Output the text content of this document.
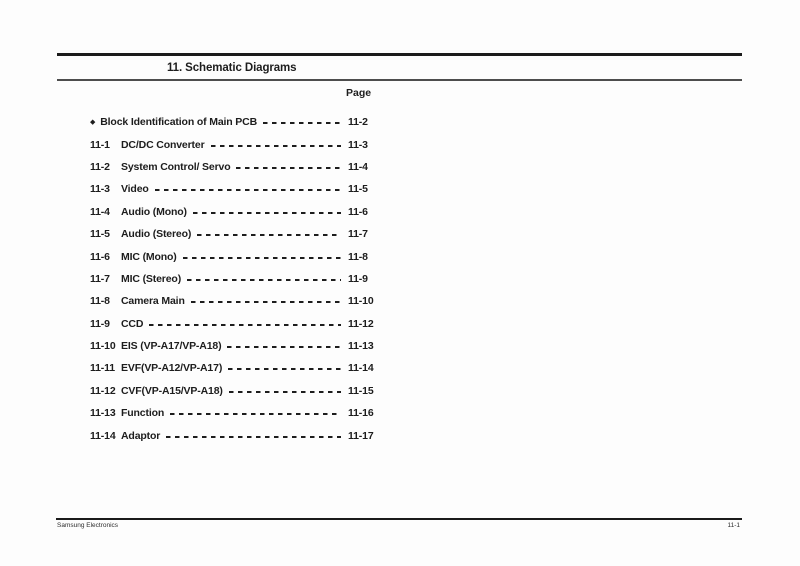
11. Schematic Diagrams
Page
◆ Block Identification of Main PCB	11-2
11-1	DC/DC Converter	11-3
11-2	System Control/ Servo	11-4
11-3	Video	11-5
11-4	Audio (Mono)	11-6
11-5	Audio (Stereo)	11-7
11-6	MIC (Mono)	11-8
11-7	MIC (Stereo)	11-9
11-8	Camera Main	11-10
11-9	CCD	11-12
11-10 EIS (VP-A17/VP-A18)	11-13
11-11 EVF(VP-A12/VP-A17)	11-14
11-12 CVF(VP-A15/VP-A18)	11-15
11-13 Function	11-16
11-14 Adaptor	11-17
Samsung Electronics	11-1
